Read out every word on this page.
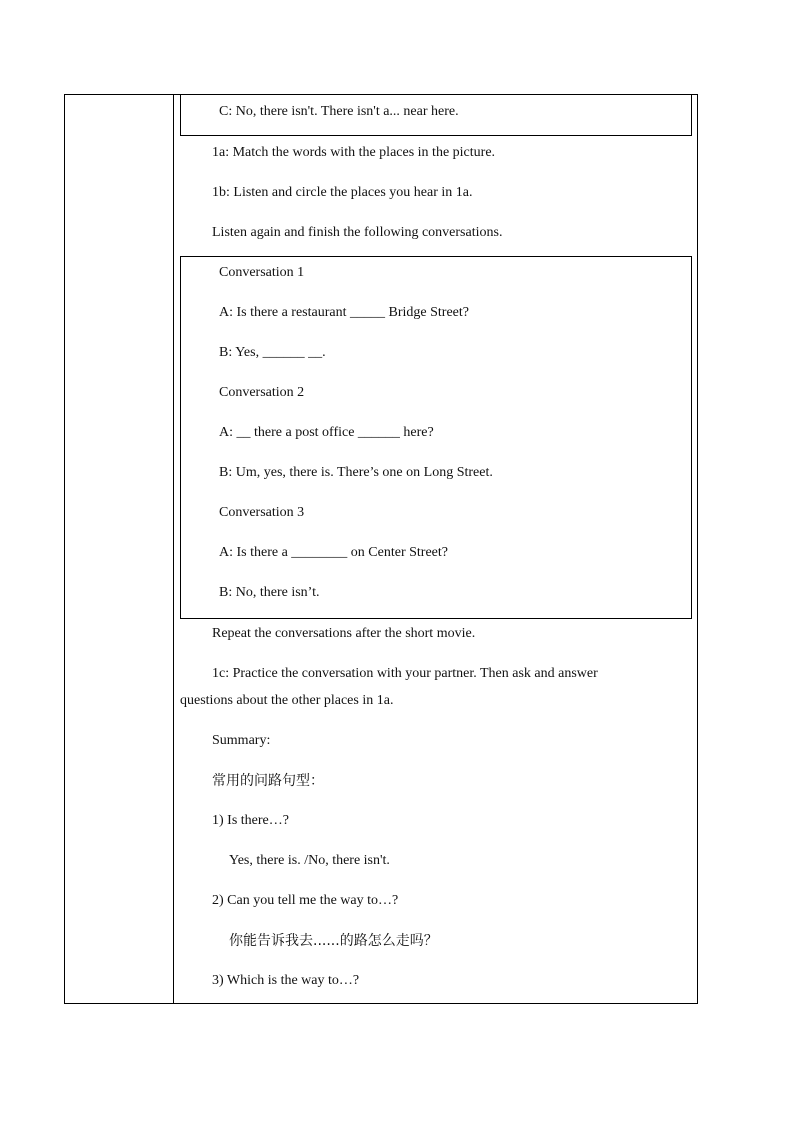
C: No, there isn't. There isn't a... near here.
1a: Match the words with the places in the picture.
1b: Listen and circle the places you hear in 1a.
Listen again and finish the following conversations.
Conversation 1
A: Is there a restaurant _____ Bridge Street?
B: Yes, ______ __.
Conversation 2
A: __ there a post office ______ here?
B: Um, yes, there is. There’s one on Long Street.
Conversation 3
A: Is there a ________ on Center Street?
B: No, there isn’t.
Repeat the conversations after the short movie.
1c: Practice the conversation with your partner. Then ask and answer
questions about the other places in 1a.
Summary:
常用的问路句型：
1) Is there…?
Yes, there is. /No, there isn't.
2) Can you tell me the way to…?
你能告诉我去......的路怎么走吗？
3) Which is the way to…?
